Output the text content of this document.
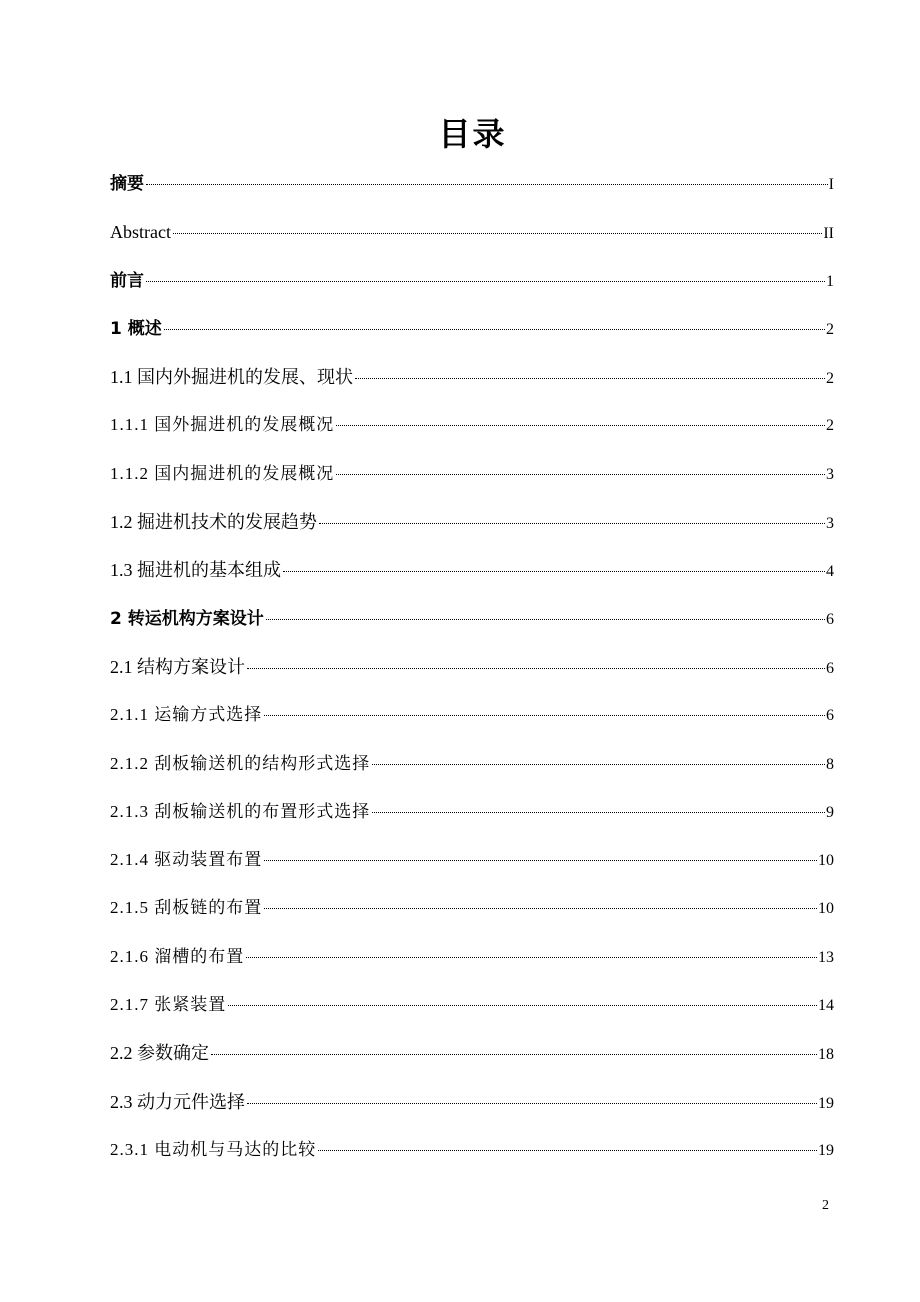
目录
摘要	I
Abstract	II
前言	1
1 概述	2
1.1 国内外掘进机的发展、现状	2
1.1.1 国外掘进机的发展概况	2
1.1.2 国内掘进机的发展概况	3
1.2 掘进机技术的发展趋势	3
1.3 掘进机的基本组成	4
2 转运机构方案设计	6
2.1 结构方案设计	6
2.1.1 运输方式选择	6
2.1.2 刮板输送机的结构形式选择	8
2.1.3 刮板输送机的布置形式选择	9
2.1.4 驱动装置布置	10
2.1.5 刮板链的布置	10
2.1.6 溜槽的布置	13
2.1.7 张紧装置	14
2.2 参数确定	18
2.3 动力元件选择	19
2.3.1 电动机与马达的比较	19
2
